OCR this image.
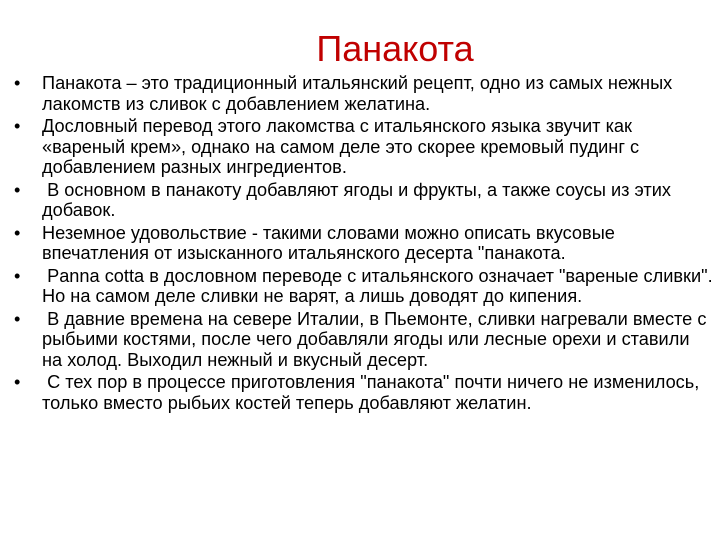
Панакота
•	Панакота – это традиционный итальянский рецепт, одно из самых нежных лакомств из сливок с добавлением желатина.
•	Дословный перевод этого лакомства с итальянского языка звучит как «вареный крем», однако на самом деле это скорее кремовый пудинг с добавлением разных ингредиентов.
•	В основном в панакоту добавляют ягоды и фрукты, а также соусы из этих добавок.
•	Неземное удовольствие - такими словами можно описать вкусовые впечатления от изысканного итальянского десерта "панакота.
•	Panna cotta в дословном переводе с итальянского означает "вареные сливки". Но на самом деле сливки не варят, а лишь доводят до кипения.
•	В давние времена на севере Италии, в Пьемонте, сливки нагревали вместе с рыбьими костями, после чего добавляли ягоды или лесные орехи и ставили на холод. Выходил нежный и вкусный десерт.
•	С тех пор в процессе приготовления "панакота" почти ничего не изменилось, только вместо рыбьих костей теперь добавляют желатин.
